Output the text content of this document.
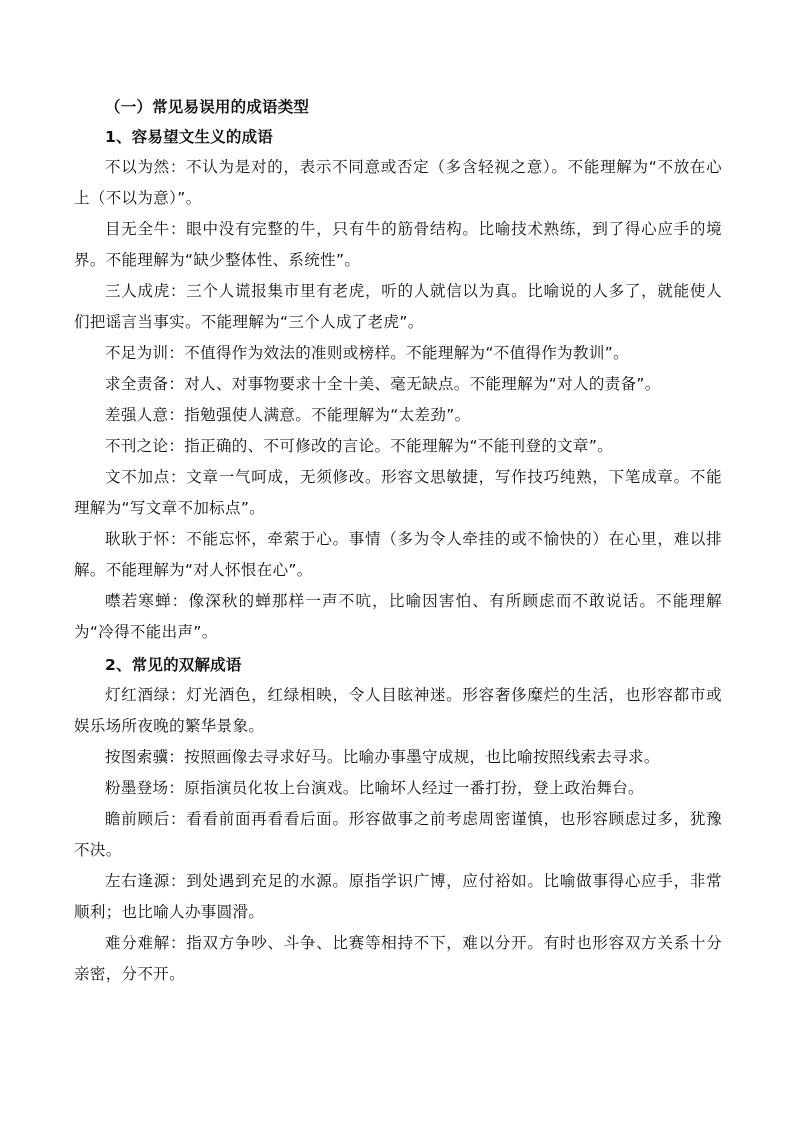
（一）常见易误用的成语类型

1、容易望文生义的成语

不以为然：不认为是对的，表示不同意或否定（多含轻视之意）。不能理解为“不放在心上（不以为意）”。

目无全牛：眼中没有完整的牛，只有牛的筋骨结构。比喻技术熟练，到了得心应手的境界。不能理解为“缺少整体性、系统性”。

三人成虎：三个人谎报集市里有老虎，听的人就信以为真。比喻说的人多了，就能使人们把谣言当事实。不能理解为“三个人成了老虎”。

不足为训：不值得作为效法的准则或榜样。不能理解为“不值得作为教训”。

求全责备：对人、对事物要求十全十美、毫无缺点。不能理解为“对人的责备”。

差强人意：指勉强使人满意。不能理解为“太差劲”。

不刊之论：指正确的、不可修改的言论。不能理解为“不能刊登的文章”。

文不加点：文章一气呵成，无须修改。形容文思敏捷，写作技巧纯熟，下笔成章。不能理解为“写文章不加标点”。

耿耿于怀：不能忘怀，牵萦于心。事情（多为令人牵挂的或不愉快的）在心里，难以排解。不能理解为“对人怀恨在心”。

噤若寒蝉：像深秋的蝉那样一声不吭，比喻因害怕、有所顾虑而不敢说话。不能理解为“冷得不能出声”。

2、常见的双解成语

灯红酒绿：灯光酒色，红绿相映，令人目眩神迷。形容奢侈糜烂的生活，也形容都市或娱乐场所夜晚的繁华景象。

按图索骥：按照画像去寻求好马。比喻办事墨守成规，也比喻按照线索去寻求。

粉墨登场：原指演员化妆上台演戏。比喻坏人经过一番打扮，登上政治舞台。

瞻前顾后：看看前面再看看后面。形容做事之前考虑周密谨慎，也形容顾虑过多，犹豫不决。

左右逢源：到处遇到充足的水源。原指学识广博，应付裕如。比喻做事得心应手，非常顺利；也比喻人办事圆滑。

难分难解：指双方争吵、斗争、比赛等相持不下，难以分开。有时也形容双方关系十分亲密，分不开。
